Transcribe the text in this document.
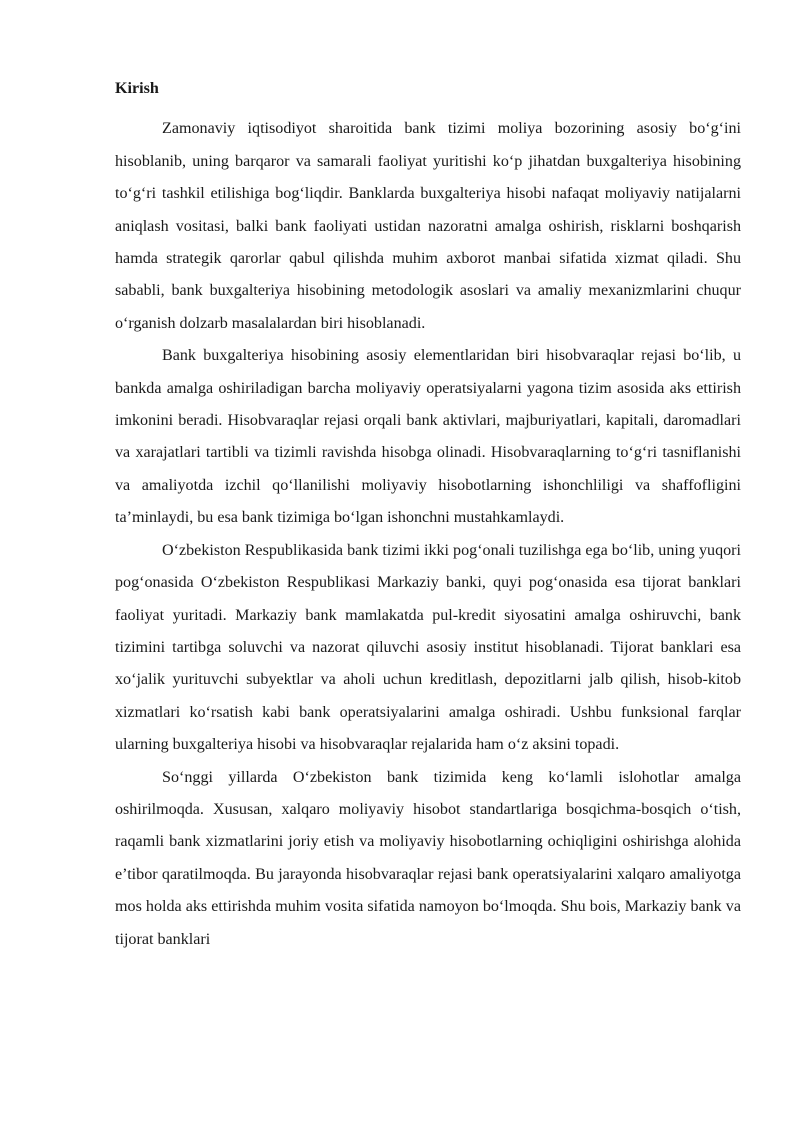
Kirish

Zamonaviy iqtisodiyot sharoitida bank tizimi moliya bozorining asosiy bo‘g‘ini hisoblanib, uning barqaror va samarali faoliyat yuritishi ko‘p jihatdan buxgalteriya hisobining to‘g‘ri tashkil etilishiga bog‘liqdir. Banklarda buxgalteriya hisobi nafaqat moliyaviy natijalarni aniqlash vositasi, balki bank faoliyati ustidan nazoratni amalga oshirish, risklarni boshqarish hamda strategik qarorlar qabul qilishda muhim axborot manbai sifatida xizmat qiladi. Shu sababli, bank buxgalteriya hisobining metodologik asoslari va amaliy mexanizmlarini chuqur o‘rganish dolzarb masalalardan biri hisoblanadi.

Bank buxgalteriya hisobining asosiy elementlaridan biri hisobvaraqlar rejasi bo‘lib, u bankda amalga oshiriladigan barcha moliyaviy operatsiyalarni yagona tizim asosida aks ettirish imkonini beradi. Hisobvaraqlar rejasi orqali bank aktivlari, majburiyatlari, kapitali, daromadlari va xarajatlari tartibli va tizimli ravishda hisobga olinadi. Hisobvaraqlarning to‘g‘ri tasniflanishi va amaliyotda izchil qo‘llanilishi moliyaviy hisobotlarning ishonchliligi va shaffofligini ta’minlaydi, bu esa bank tizimiga bo‘lgan ishonchni mustahkamlaydi.

O‘zbekiston Respublikasida bank tizimi ikki pog‘onali tuzilishga ega bo‘lib, uning yuqori pog‘onasida O‘zbekiston Respublikasi Markaziy banki, quyi pog‘onasida esa tijorat banklari faoliyat yuritadi. Markaziy bank mamlakatda pul-kredit siyosatini amalga oshiruvchi, bank tizimini tartibga soluvchi va nazorat qiluvchi asosiy institut hisoblanadi. Tijorat banklari esa xo‘jalik yurituvchi subyektlar va aholi uchun kreditlash, depozitlarni jalb qilish, hisob-kitob xizmatlari ko‘rsatish kabi bank operatsiyalarini amalga oshiradi. Ushbu funksional farqlar ularning buxgalteriya hisobi va hisobvaraqlar rejalarida ham o‘z aksini topadi.

So‘nggi yillarda O‘zbekiston bank tizimida keng ko‘lamli islohotlar amalga oshirilmoqda. Xususan, xalqaro moliyaviy hisobot standartlariga bosqichma-bosqich o‘tish, raqamli bank xizmatlarini joriy etish va moliyaviy hisobotlarning ochiqligini oshirishga alohida e’tibor qaratilmoqda. Bu jarayonda hisobvaraqlar rejasi bank operatsiyalarini xalqaro amaliyotga mos holda aks ettirishda muhim vosita sifatida namoyon bo‘lmoqda. Shu bois, Markaziy bank va tijorat banklari
